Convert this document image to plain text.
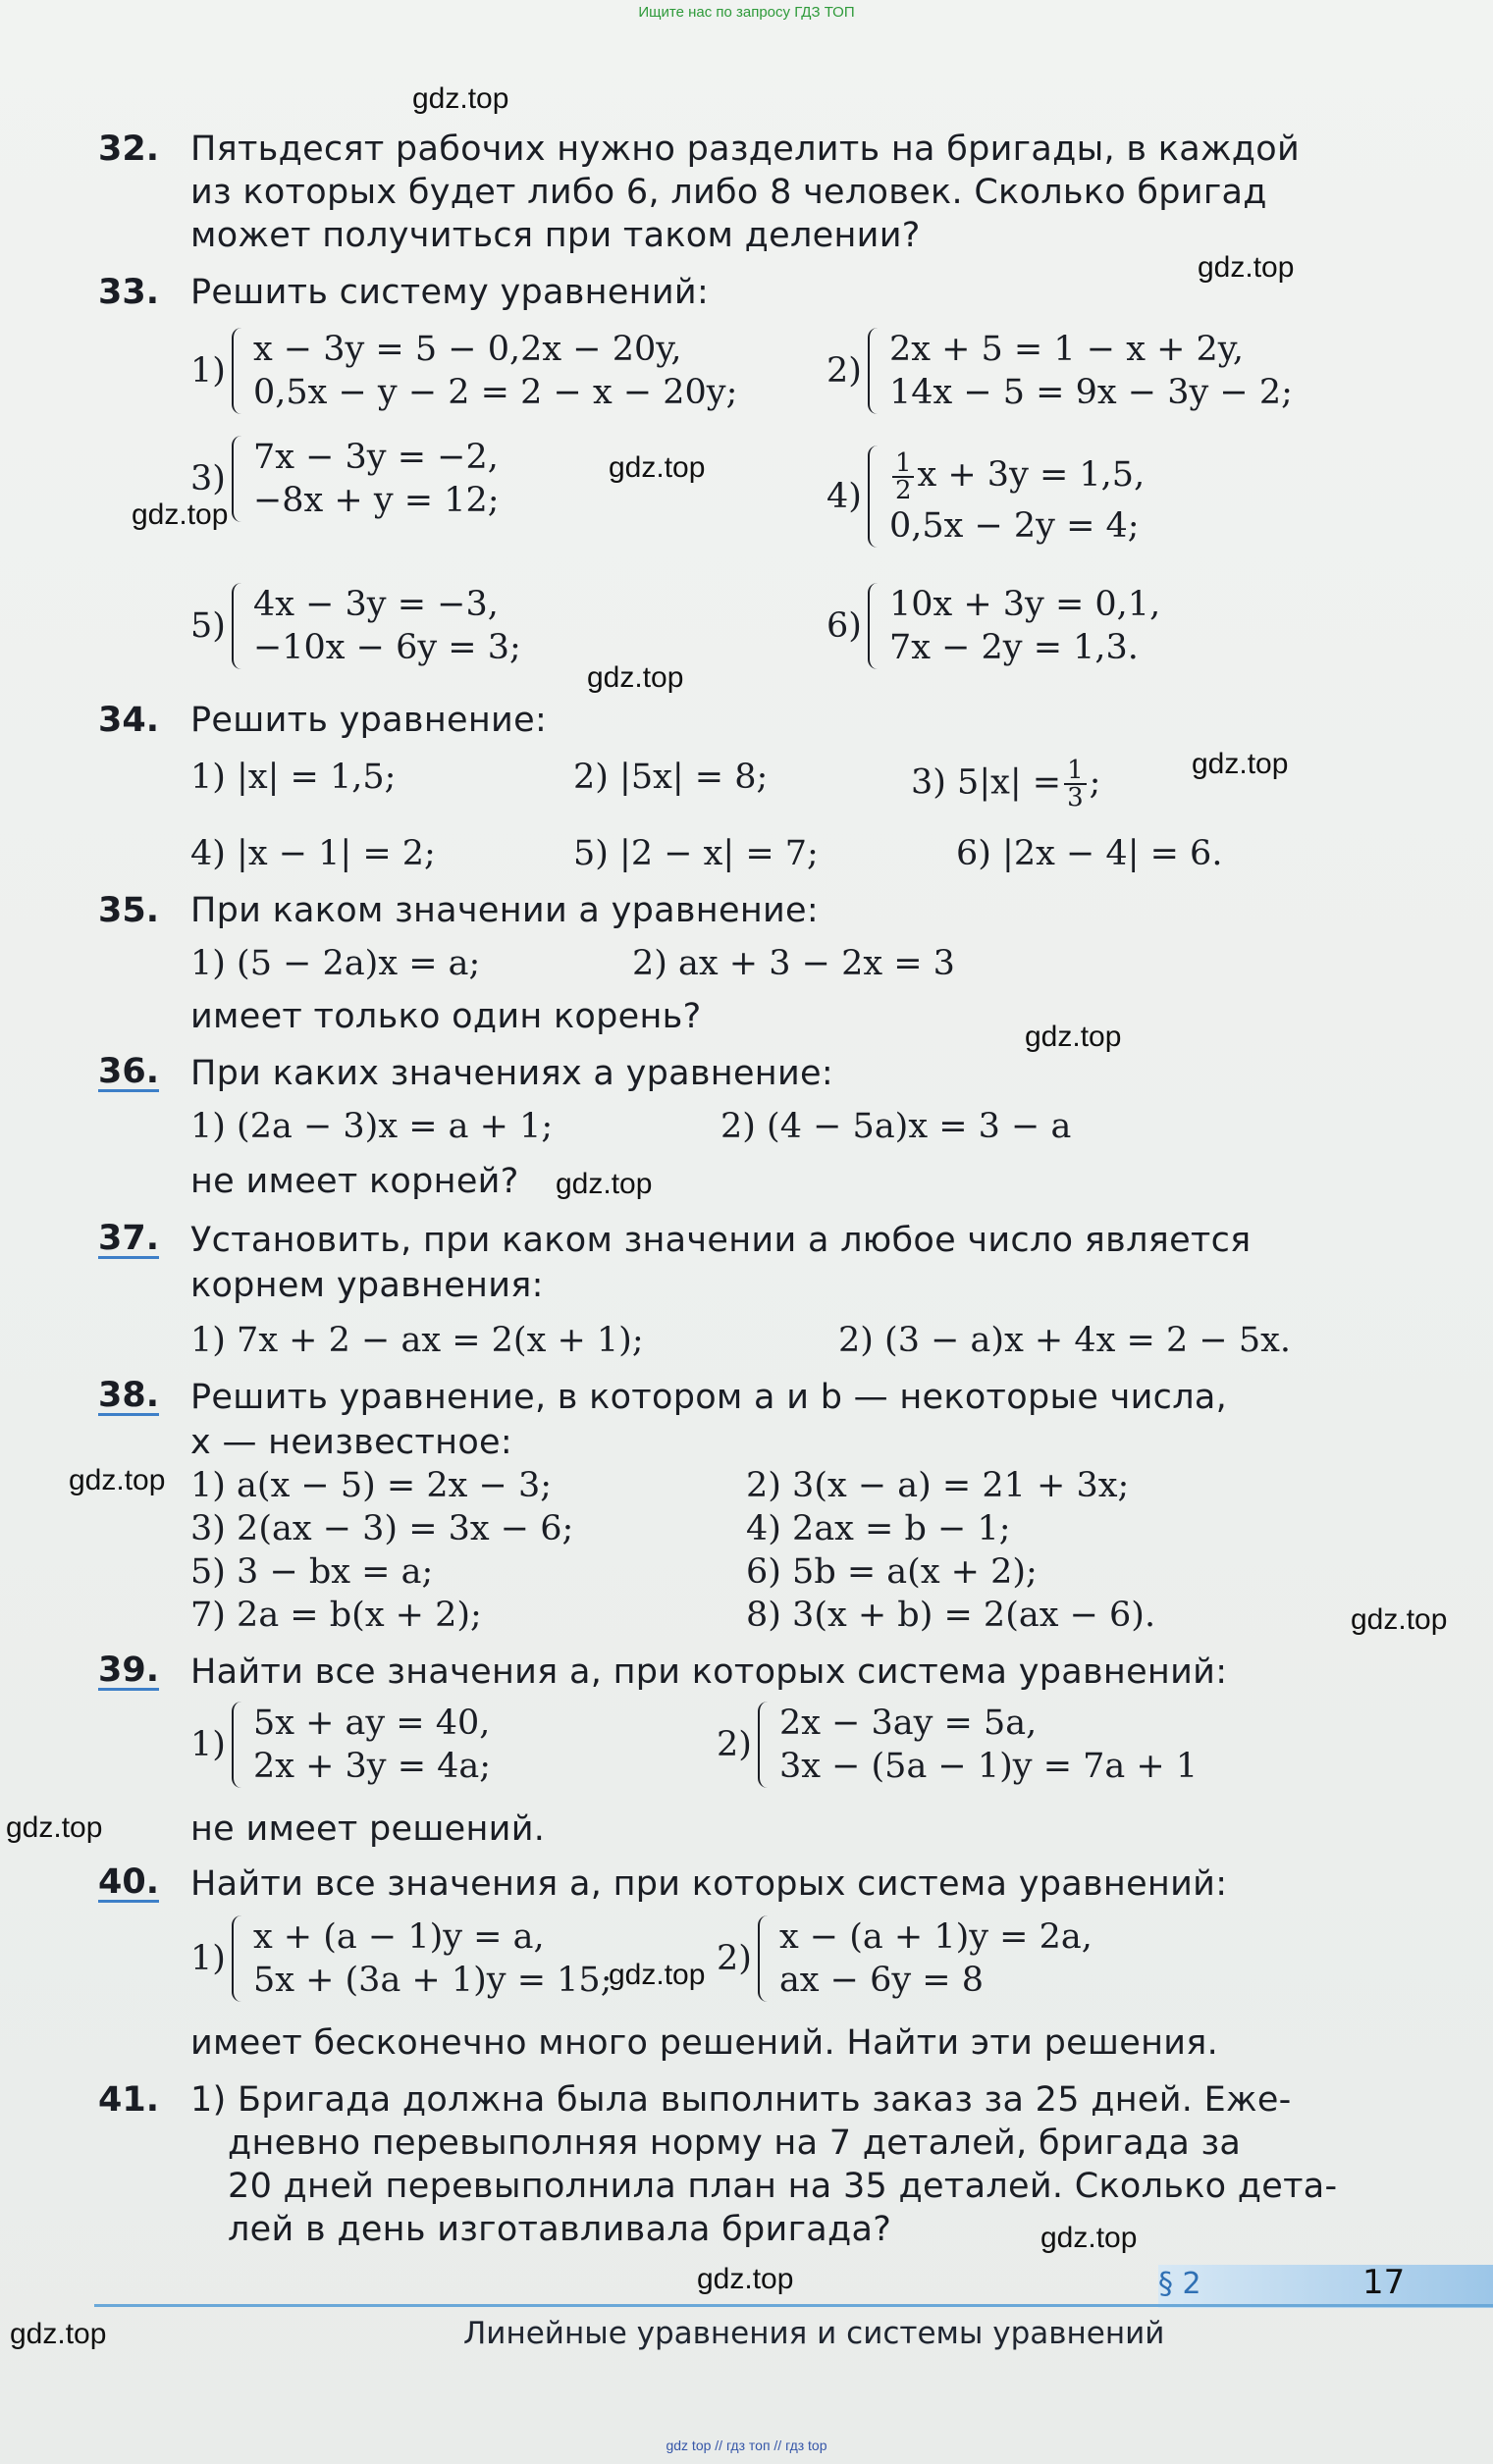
Ищите нас по запросу ГДЗ ТОП
gdz.top
gdz.top
gdz.top
gdz.top
gdz.top
gdz.top
gdz.top
gdz.top
gdz.top
gdz.top
gdz.top
gdz.top
gdz.top
gdz.top
gdz.top
32. Пятьдесят рабочих нужно разделить на бригады, в каждой
из которых будет либо 6, либо 8 человек. Сколько бригад
может получиться при таком делении?
33. Решить систему уравнений:
1)
x − 3y = 5 − 0,2x − 20y,
0,5x − y − 2 = 2 − x − 20y;
2)
2x + 5 = 1 − x + 2y,
14x − 5 = 9x − 3y − 2;
3)
7x − 3y = −2,
−8x + y = 12;	$4) \frac{1}{2}$ x + 3y = 1,5,
0,5x − 2y = 4;
5)
4x − 3y = −3,
−10x − 6y = 3;
6)
10x + 3y = 0,1,
7x − 2y = 1,3.
34. Решить уравнение:
1) |x| = 1,5;	2) |5x| = 8;	3) $5|x| = \frac{1}{3}$ ;
4) |x − 1| = 2;	5) |2 − x| = 7;	6) |2x − 4| = 6.
35. При каком значении a уравнение:
1) (5 − 2a)x = a;	2) ax + 3 − 2x = 3
имеет только один корень?
36. При каких значениях a уравнение:
1) (2a − 3)x = a + 1;	2) (4 − 5a)x = 3 − a
не имеет корней?
37. Установить, при каком значении a любое число является
корнем уравнения:
1) 7x + 2 − ax = 2(x + 1);	2) (3 − a)x + 4x = 2 − 5x.
38. Решить уравнение, в котором a и b — некоторые числа,
x — неизвестное:
1) a(x − 5) = 2x − 3;	2) 3(x − a) = 21 + 3x;
3) 2(ax − 3) = 3x − 6;	4) 2ax = b − 1;
5) 3 − bx = a;	6) 5b = a(x + 2);
7) 2a = b(x + 2);	8) 3(x + b) = 2(ax − 6).
39. Найти все значения a, при которых система уравнений:
1)
5x + ay = 40,
2x + 3y = 4a;
2)
2x − 3ay = 5a,
3x − (5a − 1)y = 7a + 1
не имеет решений.
40. Найти все значения a, при которых система уравнений:
1)
x + (a − 1)y = a,
5x + (3a + 1)y = 15;
2)
x − (a + 1)y = 2a,
ax − 6y = 8
имеет бесконечно много решений. Найти эти решения.
41. 1) Бригада должна была выполнить заказ за 25 дней. Еже-
дневно перевыполняя норму на 7 деталей, бригада за
20 дней перевыполнила план на 35 деталей. Сколько дета-
лей в день изготавливала бригада?
§ 2	17
Линейные уравнения и системы уравнений
gdz top // гдз топ // гдз top
